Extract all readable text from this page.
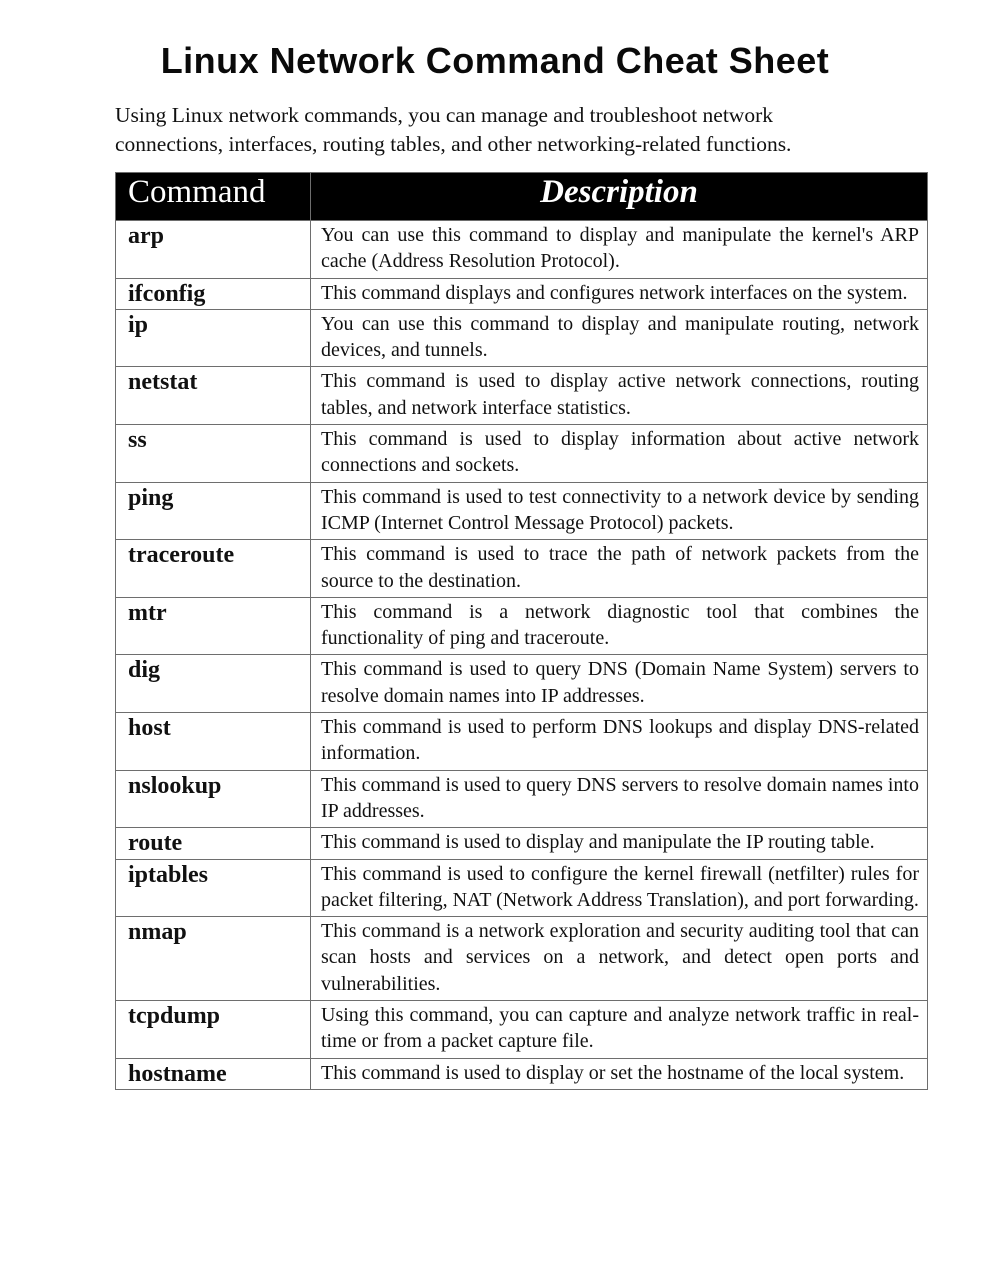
Linux Network Command Cheat Sheet
Using Linux network commands, you can manage and troubleshoot network connections, interfaces, routing tables, and other networking-related functions.
Command	Description
arp	You can use this command to display and manipulate the kernel's ARP cache (Address Resolution Protocol).
ifconfig	This command displays and configures network interfaces on the system.
ip	You can use this command to display and manipulate routing, network devices, and tunnels.
netstat	This command is used to display active network connections, routing tables, and network interface statistics.
ss	This command is used to display information about active network connections and sockets.
ping	This command is used to test connectivity to a network device by sending ICMP (Internet Control Message Protocol) packets.
traceroute	This command is used to trace the path of network packets from the source to the destination.
mtr	This command is a network diagnostic tool that combines the functionality of ping and traceroute.
dig	This command is used to query DNS (Domain Name System) servers to resolve domain names into IP addresses.
host	This command is used to perform DNS lookups and display DNS-related information.
nslookup	This command is used to query DNS servers to resolve domain names into IP addresses.
route	This command is used to display and manipulate the IP routing table.
iptables	This command is used to configure the kernel firewall (netfilter) rules for packet filtering, NAT (Network Address Translation), and port forwarding.
nmap	This command is a network exploration and security auditing tool that can scan hosts and services on a network, and detect open ports and vulnerabilities.
tcpdump	Using this command, you can capture and analyze network traffic in real-time or from a packet capture file.
hostname	This command is used to display or set the hostname of the local system.
